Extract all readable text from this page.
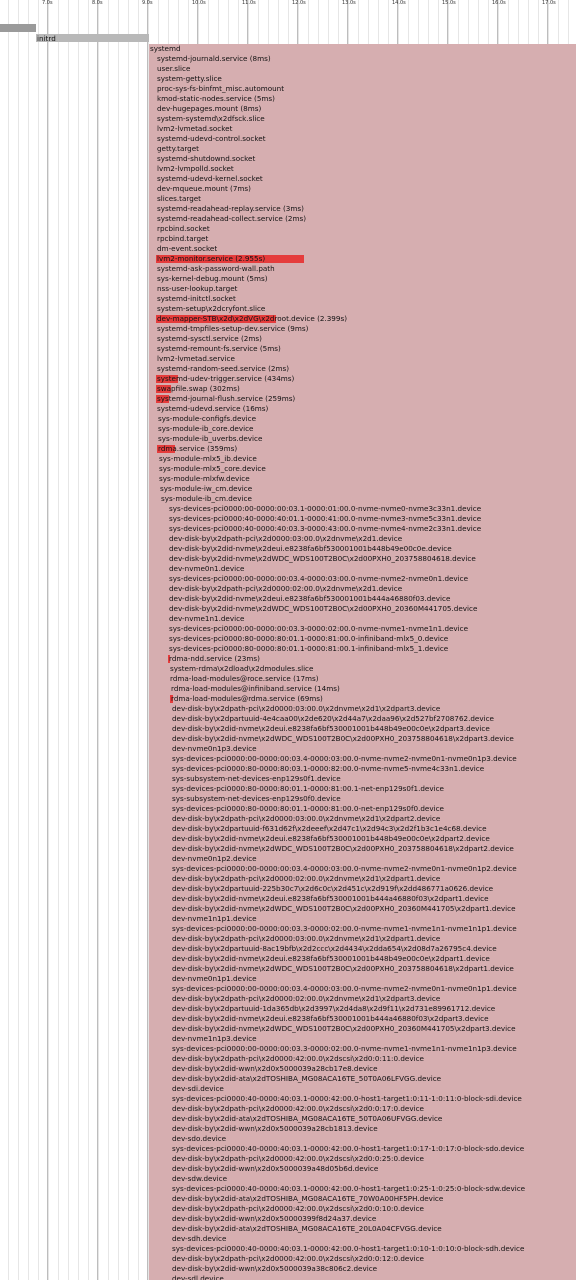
7.0s	8.0s	9.0s	10.0s	11.0s	12.0s	13.0s	14.0s	15.0s	16.0s	17.0s
initrd
systemd
systemd-journald.service (8ms)
user.slice
system-getty.slice
proc-sys-fs-binfmt_misc.automount
kmod-static-nodes.service (5ms)
dev-hugepages.mount (8ms)
system-systemd\x2dfsck.slice
lvm2-lvmetad.socket
systemd-udevd-control.socket
getty.target
systemd-shutdownd.socket
lvm2-lvmpolld.socket
systemd-udevd-kernel.socket
dev-mqueue.mount (7ms)
slices.target
systemd-readahead-replay.service (3ms)
systemd-readahead-collect.service (2ms)
rpcbind.socket
rpcbind.target
dm-event.socket
lvm2-monitor.service (2.955s)
systemd-ask-password-wall.path
sys-kernel-debug.mount (5ms)
nss-user-lookup.target
systemd-initctl.socket
system-setup\x2dcryfont.slice
dev-mapper-STB\x2d\x2dVG\x2droot.device (2.399s)
systemd-tmpfiles-setup-dev.service (9ms)
systemd-sysctl.service (2ms)
systemd-remount-fs.service (5ms)
lvm2-lvmetad.service
systemd-random-seed.service (2ms)
systemd-udev-trigger.service (434ms)
swapfile.swap (302ms)
systemd-journal-flush.service (259ms)
systemd-udevd.service (16ms)
sys-module-configfs.device
sys-module-ib_core.device
sys-module-ib_uverbs.device
rdma.service (359ms)
sys-module-mlx5_ib.device
sys-module-mlx5_core.device
sys-module-mlxfw.device
sys-module-iw_cm.device
sys-module-ib_cm.device
sys-devices-pci0000:00-0000:00:03.1-0000:01:00.0-nvme-nvme0-nvme3c33n1.device
sys-devices-pci0000:40-0000:40:01.1-0000:41:00.0-nvme-nvme3-nvme5c33n1.device
sys-devices-pci0000:40-0000:40:03.3-0000:43:00.0-nvme-nvme4-nvme2c33n1.device
dev-disk-by\x2dpath-pci\x2d0000:03:00.0\x2dnvme\x2d1.device
dev-disk-by\x2did-nvme\x2deui.e8238fa6bf530001001b448b49e00c0e.device
dev-disk-by\x2did-nvme\x2dWDC_WDS100T2B0C\x2d00PXH0_203758804618.device
dev-nvme0n1.device
sys-devices-pci0000:00-0000:00:03.4-0000:03:00.0-nvme-nvme2-nvme0n1.device
dev-disk-by\x2dpath-pci\x2d0000:02:00.0\x2dnvme\x2d1.device
dev-disk-by\x2did-nvme\x2deui.e8238fa6bf530001001b444a46880f03.device
dev-disk-by\x2did-nvme\x2dWDC_WDS100T2B0C\x2d00PXH0_20360M441705.device
dev-nvme1n1.device
sys-devices-pci0000:00-0000:00:03.3-0000:02:00.0-nvme-nvme1-nvme1n1.device
sys-devices-pci0000:80-0000:80:01.1-0000:81:00.0-infiniband-mlx5_0.device
sys-devices-pci0000:80-0000:80:01.1-0000:81:00.1-infiniband-mlx5_1.device
rdma-ndd.service (23ms)
system-rdma\x2dload\x2dmodules.slice
rdma-load-modules@roce.service (17ms)
rdma-load-modules@infiniband.service (14ms)
rdma-load-modules@rdma.service (69ms)
dev-disk-by\x2dpath-pci\x2d0000:03:00.0\x2dnvme\x2d1\x2dpart3.device
dev-disk-by\x2dpartuuid-4e4caa00\x2de620\x2d44a7\x2daa96\x2d527bf2708762.device
dev-disk-by\x2did-nvme\x2deui.e8238fa6bf530001001b448b49e00c0e\x2dpart3.device
dev-disk-by\x2did-nvme\x2dWDC_WDS100T2B0C\x2d00PXH0_203758804618\x2dpart3.device
dev-nvme0n1p3.device
sys-devices-pci0000:00-0000:00:03.4-0000:03:00.0-nvme-nvme2-nvme0n1-nvme0n1p3.device
sys-devices-pci0000:80-0000:80:03.1-0000:82:00.0-nvme-nvme5-nvme4c33n1.device
sys-subsystem-net-devices-enp129s0f1.device
sys-devices-pci0000:80-0000:80:01.1-0000:81:00.1-net-enp129s0f1.device
sys-subsystem-net-devices-enp129s0f0.device
sys-devices-pci0000:80-0000:80:01.1-0000:81:00.0-net-enp129s0f0.device
dev-disk-by\x2dpath-pci\x2d0000:03:00.0\x2dnvme\x2d1\x2dpart2.device
dev-disk-by\x2dpartuuid-f631d62f\x2deeef\x2d47c1\x2d94c3\x2d2f1b3c1e4c68.device
dev-disk-by\x2did-nvme\x2deui.e8238fa6bf530001001b448b49e00c0e\x2dpart2.device
dev-disk-by\x2did-nvme\x2dWDC_WDS100T2B0C\x2d00PXH0_203758804618\x2dpart2.device
dev-nvme0n1p2.device
sys-devices-pci0000:00-0000:00:03.4-0000:03:00.0-nvme-nvme2-nvme0n1-nvme0n1p2.device
dev-disk-by\x2dpath-pci\x2d0000:02:00.0\x2dnvme\x2d1\x2dpart1.device
dev-disk-by\x2dpartuuid-225b30c7\x2d6c0c\x2d451c\x2d919f\x2dd486771a0626.device
dev-disk-by\x2did-nvme\x2deui.e8238fa6bf530001001b444a46880f03\x2dpart1.device
dev-disk-by\x2did-nvme\x2dWDC_WDS100T2B0C\x2d00PXH0_20360M441705\x2dpart1.device
dev-nvme1n1p1.device
sys-devices-pci0000:00-0000:00:03.3-0000:02:00.0-nvme-nvme1-nvme1n1-nvme1n1p1.device
dev-disk-by\x2dpath-pci\x2d0000:03:00.0\x2dnvme\x2d1\x2dpart1.device
dev-disk-by\x2dpartuuid-8ac19bfb\x2d2ccc\x2d4434\x2dda654\x2d08d7a26795c4.device
dev-disk-by\x2did-nvme\x2deui.e8238fa6bf530001001b448b49e00c0e\x2dpart1.device
dev-disk-by\x2did-nvme\x2dWDC_WDS100T2B0C\x2d00PXH0_203758804618\x2dpart1.device
dev-nvme0n1p1.device
sys-devices-pci0000:00-0000:00:03.4-0000:03:00.0-nvme-nvme2-nvme0n1-nvme0n1p1.device
dev-disk-by\x2dpath-pci\x2d0000:02:00.0\x2dnvme\x2d1\x2dpart3.device
dev-disk-by\x2dpartuuid-1da365db\x2d3997\x2d4da8\x2d9f11\x2d731e89961712.device
dev-disk-by\x2did-nvme\x2deui.e8238fa6bf530001001b444a46880f03\x2dpart3.device
dev-disk-by\x2did-nvme\x2dWDC_WDS100T2B0C\x2d00PXH0_20360M441705\x2dpart3.device
dev-nvme1n1p3.device
sys-devices-pci0000:00-0000:00:03.3-0000:02:00.0-nvme-nvme1-nvme1n1-nvme1n1p3.device
dev-disk-by\x2dpath-pci\x2d0000:42:00.0\x2dscsi\x2d0:0:11:0.device
dev-disk-by\x2did-wwn\x2d0x5000039a28cb17e8.device
dev-disk-by\x2did-ata\x2dTOSHIBA_MG08ACA16TE_50T0A06LFVGG.device
dev-sdi.device
sys-devices-pci0000:40-0000:40:03.1-0000:42:00.0-host1-target1:0:11-1:0:11:0-block-sdi.device
dev-disk-by\x2dpath-pci\x2d0000:42:00.0\x2dscsi\x2d0:0:17:0.device
dev-disk-by\x2did-ata\x2dTOSHIBA_MG08ACA16TE_50T0A06UFVGG.device
dev-disk-by\x2did-wwn\x2d0x5000039a28cb1813.device
dev-sdo.device
sys-devices-pci0000:40-0000:40:03.1-0000:42:00.0-host1-target1:0:17-1:0:17:0-block-sdo.device
dev-disk-by\x2dpath-pci\x2d0000:42:00.0\x2dscsi\x2d0:0:25:0.device
dev-disk-by\x2did-wwn\x2d0x5000039a48d05b6d.device
dev-sdw.device
sys-devices-pci0000:40-0000:40:03.1-0000:42:00.0-host1-target1:0:25-1:0:25:0-block-sdw.device
dev-disk-by\x2did-ata\x2dTOSHIBA_MG08ACA16TE_70W0A00HF5PH.device
dev-disk-by\x2dpath-pci\x2d0000:42:00.0\x2dscsi\x2d0:0:10:0.device
dev-disk-by\x2did-wwn\x2d0x50000399f8d24a37.device
dev-disk-by\x2did-ata\x2dTOSHIBA_MG08ACA16TE_20L0A04CFVGG.device
dev-sdh.device
sys-devices-pci0000:40-0000:40:03.1-0000:42:00.0-host1-target1:0:10-1:0:10:0-block-sdh.device
dev-disk-by\x2dpath-pci\x2d0000:42:00.0\x2dscsi\x2d0:0:12:0.device
dev-disk-by\x2did-wwn\x2d0x5000039a38c806c2.device
dev-sdl.device
